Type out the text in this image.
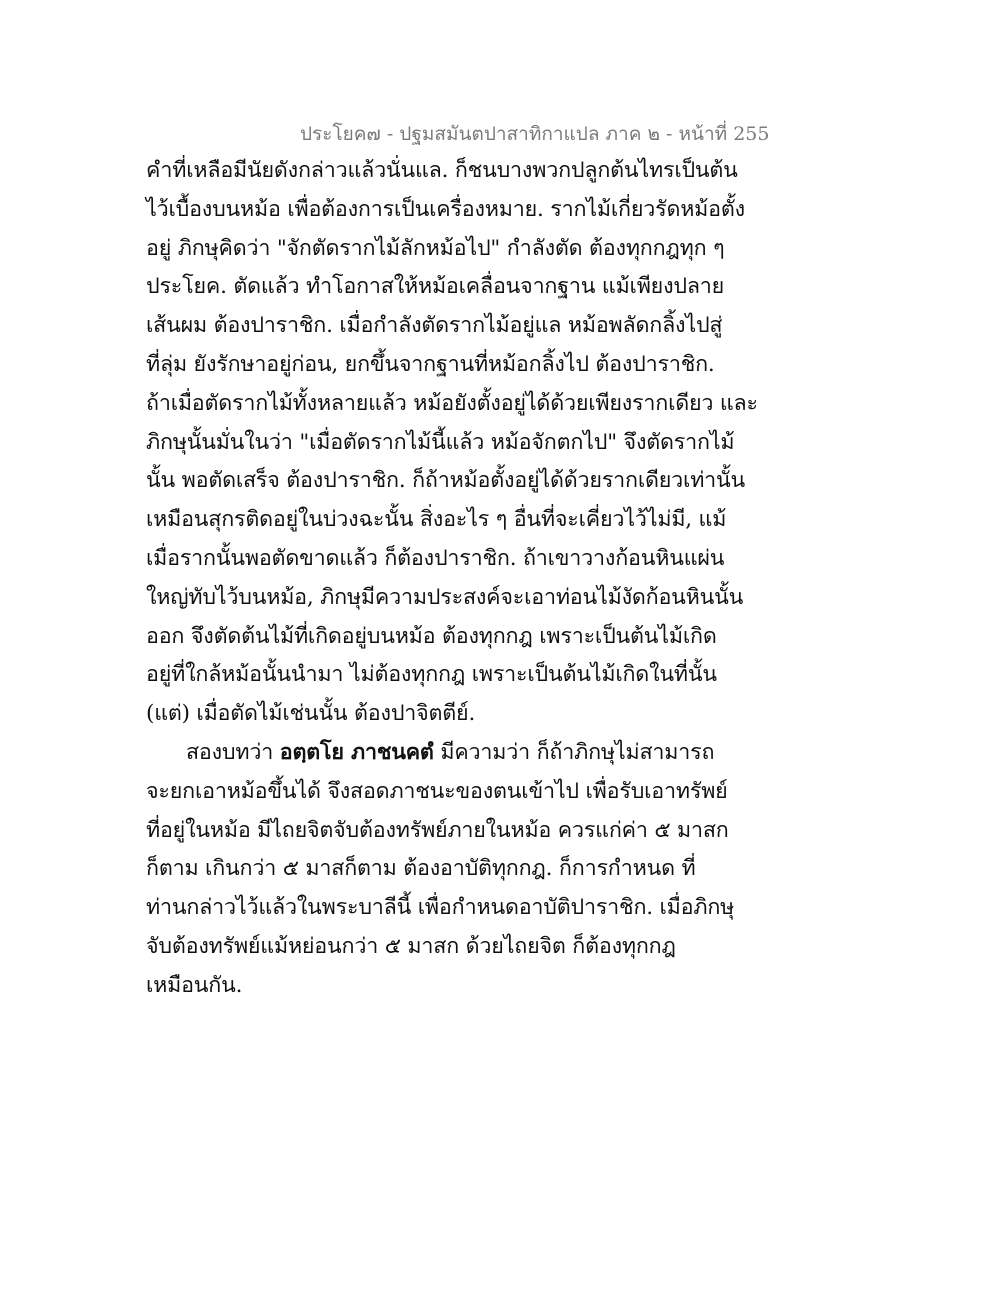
ประโยค๗ - ปฐมสมันตปาสาทิกาแปล ภาค ๒ - หน้าที่ 255
คำที่เหลือมีนัยดังกล่าวแล้วนั่นแล. ก็ชนบางพวกปลูกต้นไทรเป็นต้น
ไว้เบื้องบนหม้อ เพื่อต้องการเป็นเครื่องหมาย. รากไม้เกี่ยวรัดหม้อตั้ง
อยู่ ภิกษุคิดว่า "จักตัดรากไม้ลักหม้อไป" กำลังตัด ต้องทุกกฎทุก ๆ
ประโยค. ตัดแล้ว ทำโอกาสให้หม้อเคลื่อนจากฐาน แม้เพียงปลาย
เส้นผม ต้องปาราชิก. เมื่อกำลังตัดรากไม้อยู่แล หม้อพลัดกลิ้งไปสู่
ที่ลุ่ม ยังรักษาอยู่ก่อน, ยกขึ้นจากฐานที่หม้อกลิ้งไป ต้องปาราชิก.
ถ้าเมื่อตัดรากไม้ทั้งหลายแล้ว หม้อยังตั้งอยู่ได้ด้วยเพียงรากเดียว และ
ภิกษุนั้นมั่นในว่า "เมื่อตัดรากไม้นี้แล้ว หม้อจักตกไป" จึงตัดรากไม้
นั้น พอตัดเสร็จ ต้องปาราชิก. ก็ถ้าหม้อตั้งอยู่ได้ด้วยรากเดียวเท่านั้น
เหมือนสุกรติดอยู่ในบ่วงฉะนั้น สิ่งอะไร ๆ อื่นที่จะเคี่ยวไว้ไม่มี, แม้
เมื่อรากนั้นพอตัดขาดแล้ว ก็ต้องปาราชิก. ถ้าเขาวางก้อนหินแผ่น
ใหญ่ทับไว้บนหม้อ, ภิกษุมีความประสงค์จะเอาท่อนไม้งัดก้อนหินนั้น
ออก จึงตัดต้นไม้ที่เกิดอยู่บนหม้อ ต้องทุกกฎ เพราะเป็นต้นไม้เกิด
อยู่ที่ใกล้หม้อนั้นนำมา ไม่ต้องทุกกฎ เพราะเป็นต้นไม้เกิดในที่นั้น
(แต่) เมื่อตัดไม้เช่นนั้น ต้องปาจิตตีย์.
สองบทว่า อตฺตโย ภาชนคตํ มีความว่า ก็ถ้าภิกษุไม่สามารถ
จะยกเอาหม้อขึ้นได้ จึงสอดภาชนะของตนเข้าไป เพื่อรับเอาทรัพย์
ที่อยู่ในหม้อ มีไถยจิตจับต้องทรัพย์ภายในหม้อ ควรแก่ค่า ๕ มาสก
ก็ตาม เกินกว่า ๕ มาสก็ตาม ต้องอาบัติทุกกฎ. ก็การกำหนด ที่
ท่านกล่าวไว้แล้วในพระบาลีนี้ เพื่อกำหนดอาบัติปาราชิก. เมื่อภิกษุ
จับต้องทรัพย์แม้หย่อนกว่า ๕ มาสก ด้วยไถยจิต ก็ต้องทุกกฎ
เหมือนกัน.
